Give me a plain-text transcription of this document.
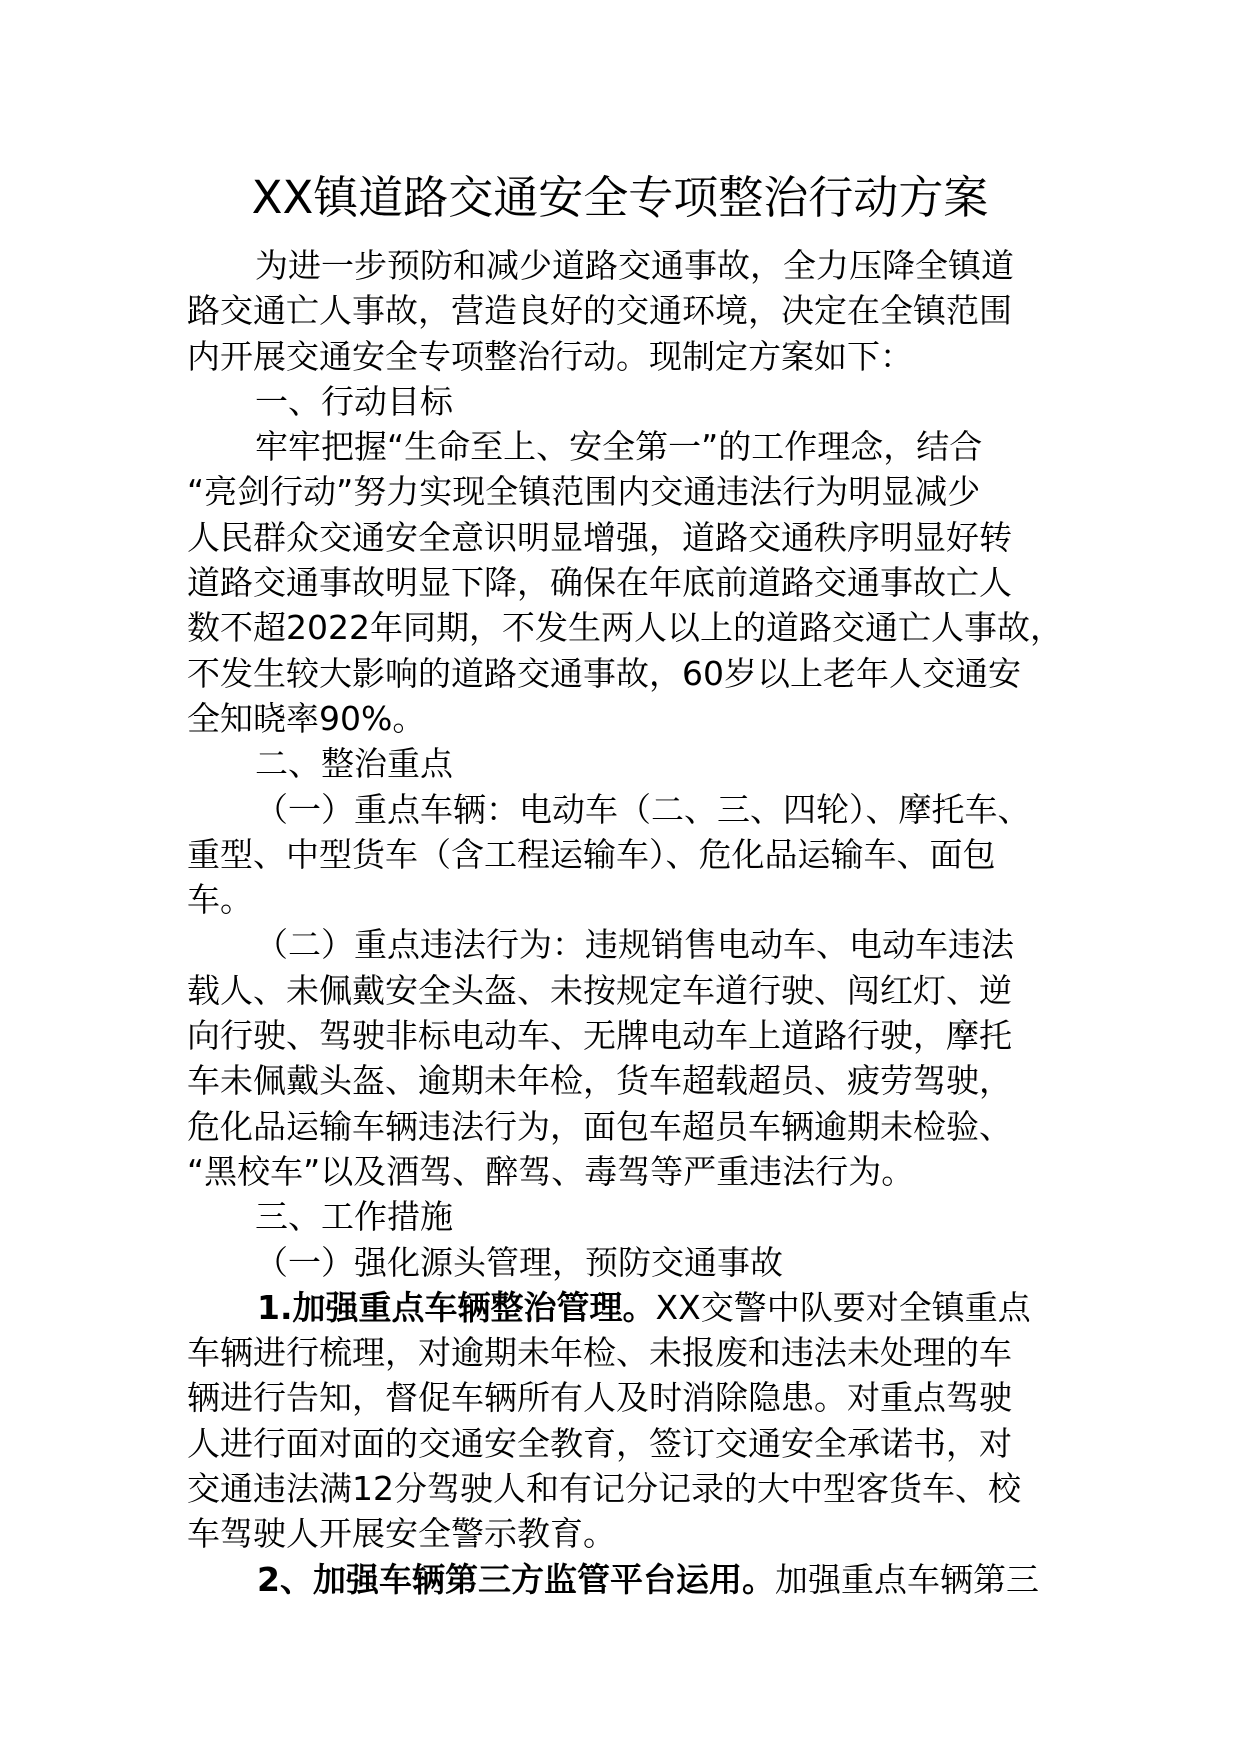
XX镇道路交通安全专项整治行动方案

为进一步预防和减少道路交通事故，全力压降全镇道

路交通亡人事故，营造良好的交通环境，决定在全镇范围

内开展交通安全专项整治行动。现制定方案如下：

一、行动目标

牢牢把握“生命至上、安全第一”的工作理念，结合

“亮剑行动”努力实现全镇范围内交通违法行为明显减少

人民群众交通安全意识明显增强，道路交通秩序明显好转

道路交通事故明显下降，确保在年底前道路交通事故亡人

数不超2022年同期，不发生两人以上的道路交通亡人事故，

不发生较大影响的道路交通事故，60岁以上老年人交通安

全知晓率90%。

二、整治重点

（一）重点车辆：电动车（二、三、四轮）、摩托车、

重型、中型货车（含工程运输车）、危化品运输车、面包

车。

（二）重点违法行为：违规销售电动车、电动车违法

载人、未佩戴安全头盔、未按规定车道行驶、闯红灯、逆

向行驶、驾驶非标电动车、无牌电动车上道路行驶，摩托

车未佩戴头盔、逾期未年检，货车超载超员、疲劳驾驶，

危化品运输车辆违法行为，面包车超员车辆逾期未检验、

“黑校车”以及酒驾、醉驾、毒驾等严重违法行为。

三、工作措施

（一）强化源头管理，预防交通事故

1.加强重点车辆整治管理。XX交警中队要对全镇重点

车辆进行梳理，对逾期未年检、未报废和违法未处理的车

辆进行告知，督促车辆所有人及时消除隐患。对重点驾驶

人进行面对面的交通安全教育，签订交通安全承诺书，对

交通违法满12分驾驶人和有记分记录的大中型客货车、校

车驾驶人开展安全警示教育。

2、加强车辆第三方监管平台运用。加强重点车辆第三
